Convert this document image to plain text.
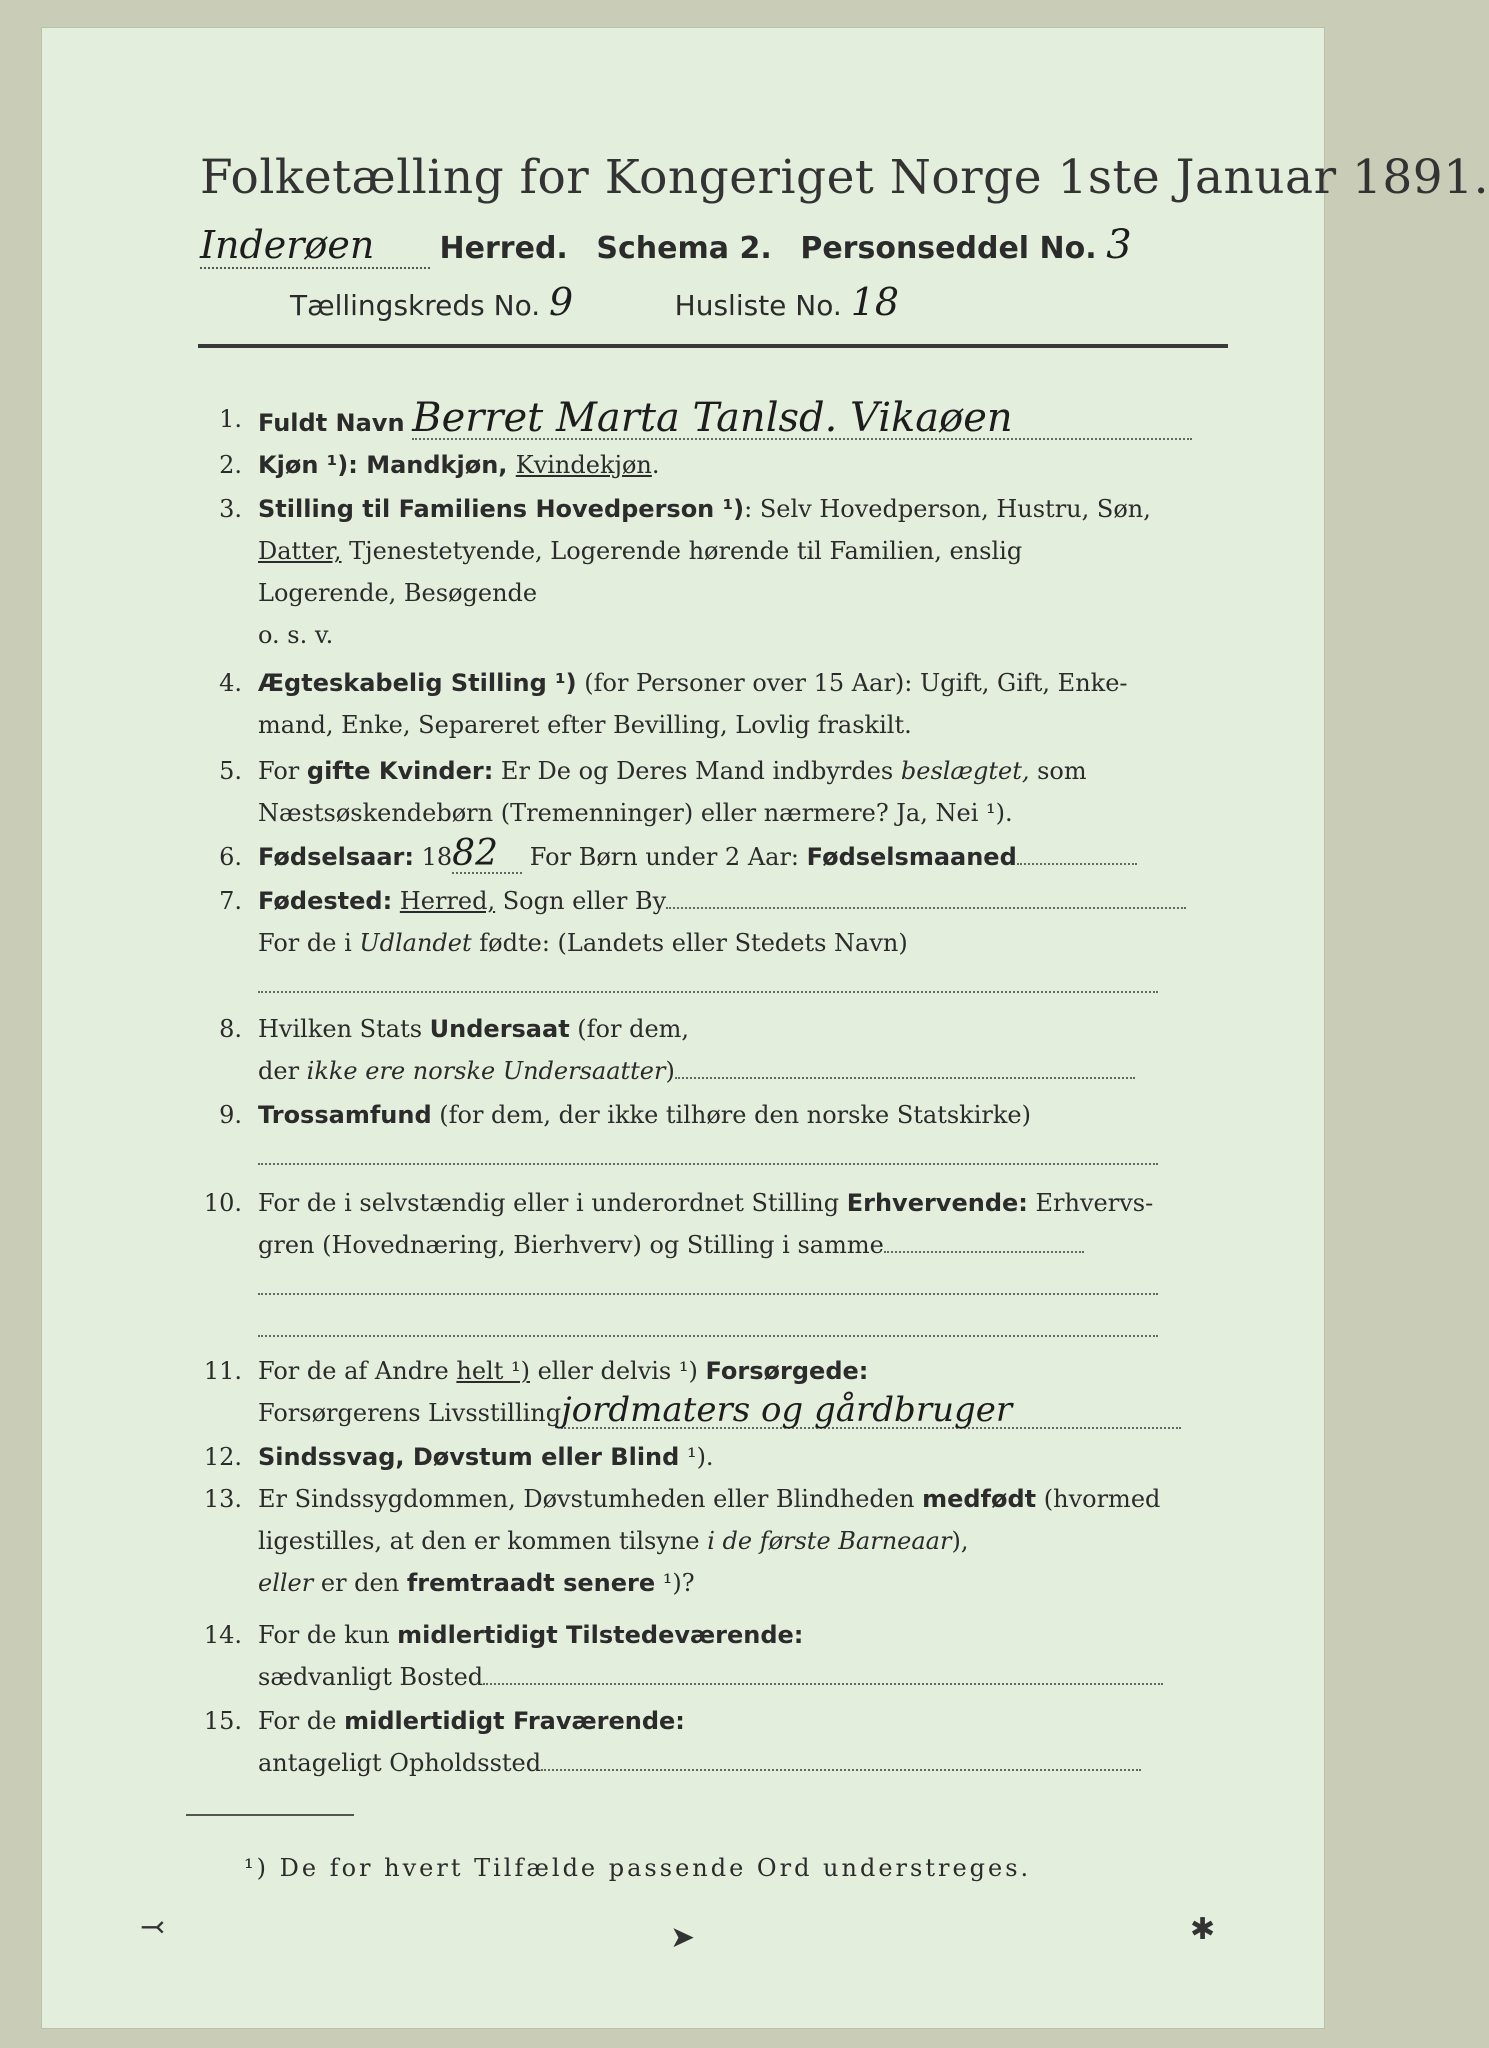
Folketælling for Kongeriget Norge 1ste Januar 1891.
Inderøen Herred. Schema 2. Personseddel No. 3
Tællingskreds No. 9	Husliste No. 18
1. Fuldt Navn Berret Marta Tanlsd. Vikaøen
2. Kjøn ¹): Mandkjøn, Kvindekjøn.
3. Stilling til Familiens Hovedperson ¹): Selv Hovedperson, Hustru, Søn,
Datter, Tjenestetyende, Logerende hørende til Familien, enslig
Logerende, Besøgende
o. s. v.
4. Ægteskabelig Stilling ¹) (for Personer over 15 Aar): Ugift, Gift, Enke-
mand, Enke, Separeret efter Bevilling, Lovlig fraskilt.
5. For gifte Kvinder: Er De og Deres Mand indbyrdes beslægtet, som
Næstsøskendebørn (Tremenninger) eller nærmere? Ja, Nei ¹).
6. Fødselsaar: 1882 For Børn under 2 Aar: Fødselsmaaned
7. Fødested: Herred, Sogn eller By
For de i Udlandet fødte: (Landets eller Stedets Navn)

8. Hvilken Stats Undersaat (for dem,
der ikke ere norske Undersaatter)
9. Trossamfund (for dem, der ikke tilhøre den norske Statskirke)

10. For de i selvstændig eller i underordnet Stilling Erhvervende: Erhvervs-
gren (Hovednæring, Bierhverv) og Stilling i samme

11. For de af Andre helt ¹) eller delvis ¹) Forsørgede:
Forsørgerens Livsstillingjordmaters og gårdbruger
12. Sindssvag, Døvstum eller Blind ¹).
13. Er Sindssygdommen, Døvstumheden eller Blindheden medfødt (hvormed
ligestilles, at den er kommen tilsyne i de første Barneaar),
eller er den fremtraadt senere ¹)?
14. For de kun midlertidigt Tilstedeværende:
sædvanligt Bosted
15. For de midlertidigt Fraværende:
antageligt Opholdssted
¹) De for hvert Tilfælde passende Ord understreges.
⤙	➤	✱
